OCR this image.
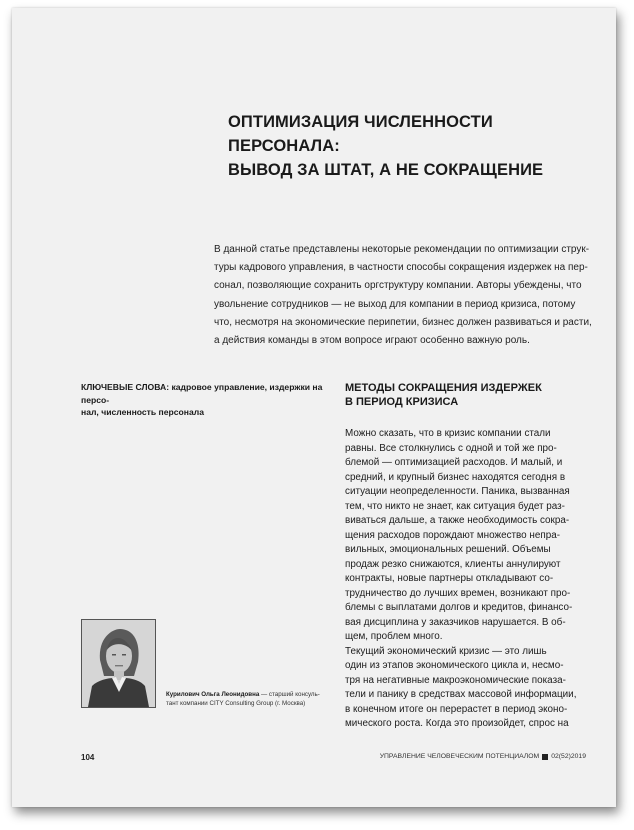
ОПТИМИЗАЦИЯ ЧИСЛЕННОСТИ ПЕРСОНАЛА:
ВЫВОД ЗА ШТАТ, А НЕ СОКРАЩЕНИЕ
В данной статье представлены некоторые рекомендации по оптимизации струк-
туры кадрового управления, в частности способы сокращения издержек на пер-
сонал, позволяющие сохранить оргструктуру компании. Авторы убеждены, что
увольнение сотрудников — не выход для компании в период кризиса, потому
что, несмотря на экономические перипетии, бизнес должен развиваться и расти,
а действия команды в этом вопросе играют особенно важную роль.
КЛЮЧЕВЫЕ СЛОВА: кадровое управление, издержки на персо-
нал, численность персонала
МЕТОДЫ СОКРАЩЕНИЯ ИЗДЕРЖЕК
В ПЕРИОД КРИЗИСА
Можно сказать, что в кризис компании стали
равны. Все столкнулись с одной и той же про-
блемой — оптимизацией расходов. И малый, и
средний, и крупный бизнес находятся сегодня в
ситуации неопределенности. Паника, вызванная
тем, что никто не знает, как ситуация будет раз-
виваться дальше, а также необходимость сокра-
щения расходов порождают множество непра-
вильных, эмоциональных решений. Объемы
продаж резко снижаются, клиенты аннулируют
контракты, новые партнеры откладывают со-
трудничество до лучших времен, возникают про-
блемы с выплатами долгов и кредитов, финансо-
вая дисциплина у заказчиков нарушается. В об-
щем, проблем много.
Текущий экономический кризис — это лишь
один из этапов экономического цикла и, несмо-
тря на негативные макроэкономические показа-
тели и панику в средствах массовой информации,
в конечном итоге он перерастет в период эконо-
мического роста. Когда это произойдет, спрос на
Курилович Ольга Леонидовна — старший консуль-
тант компании CITY Consulting Group (г. Москва)
104	УПРАВЛЕНИЕ ЧЕЛОВЕЧЕСКИМ ПОТЕНЦИАЛОМ 02(52)2019
